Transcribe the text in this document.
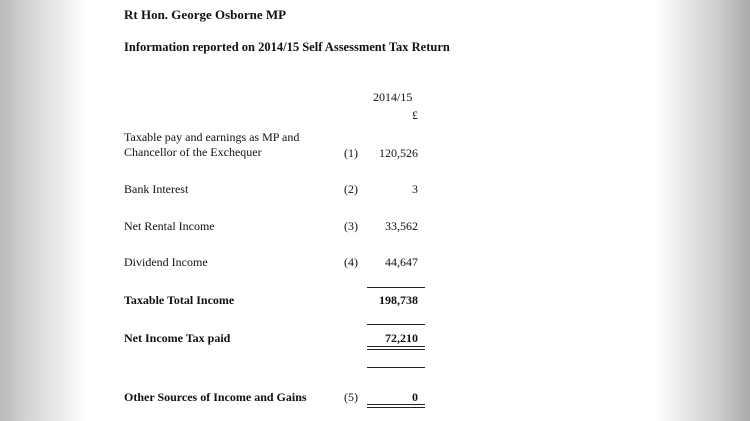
Rt Hon. George Osborne MP
Information reported on 2014/15 Self Assessment Tax Return
2014/15
£
Taxable pay and earnings as MP and
Chancellor of the Exchequer	(1) 120,526
Bank Interest	(2)	3
Net Rental Income	(3) 33,562
Dividend Income	(4) 44,647
Taxable Total Income	198,738
Net Income Tax paid	72,210
Other Sources of Income and Gains	(5)	0
